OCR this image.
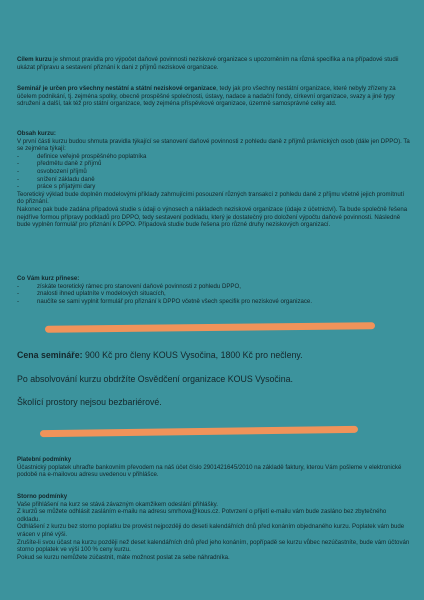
Cílem kurzu je shrnout pravidla pro výpočet daňové povinnosti neziskové organizace s upozorněním na různá specifika a na případové studii ukázat přípravu a sestavení přiznání k dani z příjmů neziskové organizace.

Seminář je určen pro všechny nestátní a státní neziskové organizace, tedy jak pro všechny nestátní organizace, které nebyly zřízeny za účelem podnikání, tj. zejména spolky, obecně prospěšné společnosti, ústavy, nadace a nadační fondy, církevní organizace, svazy a jiné typy sdružení a další, tak též pro státní organizace, tedy zejména příspěvkové organizace, územně samosprávné celky atd.

Obsah kurzu:

V první části kurzu budou shrnuta pravidla týkající se stanovení daňové povinnosti z pohledu daně z příjmů právnických osob (dále jen DPPO). Ta se zejména týkají:

- definice veřejně prospěšného poplatníka
- předmětu daně z příjmů
- osvobození příjmů
- snížení základu daně
- práce s příjatými dary

Teoretický výklad bude doplněn modelovými příklady zahrnujícími posouzení různých transakcí z pohledu daně z příjmu včetně jejich promítnutí do přiznání.

Nakonec pak bude zadána případová studie s údaji o výnosech a nákladech neziskové organizace (údaje z účetnictví). Ta bude společně řešena nejdříve formou přípravy podkladů pro DPPO, tedy sestavení podkladu, který je dostatečný pro doložení výpočtu daňové povinnosti. Následně bude vyplněn formulář pro přiznání k DPPO. Případová studie bude řešena pro různé druhy neziskových organizací.

Co Vám kurz přinese:

- získáte teoretický rámec pro stanovení daňové povinnosti z pohledu DPPO,
- znalosti ihned uplatníte v modelových situacích,
- naučíte se sami vyplnit formulář pro přiznání k DPPO včetně všech specifik pro neziskové organizace.

Cena semináře: 900 Kč pro členy KOUS Vysočina, 1800 Kč pro nečleny.

Po absolvování kurzu obdržíte Osvědčení organizace KOUS Vysočina.

Školící prostory nejsou bezbariérové.

Platební podmínky

Účastnický poplatek uhraďte bankovním převodem na náš účet číslo 2901421645/2010 na základě faktury, kterou Vám pošleme v elektronické podobě na e-mailovou adresu uvedenou v přihlášce.

Storno podmínky

Vaše přihlášení na kurz se stává závazným okamžikem odeslání přihlášky.

Z kurzů se můžete odhlásit zasláním e-mailu na adresu smrhova@kous.cz. Potvrzení o přijetí e-mailu vám bude zasláno bez zbytečného odkladu.

Odhlášení z kurzu bez storno poplatku lze provést nejpozději do deseti kalendářních dnů před konáním objednaného kurzu. Poplatek vám bude vrácen v plné výši.

Zrušíte-li svou účast na kurzu později než deset kalendářních dnů před jeho konáním, popřípadě se kurzu vůbec nezúčastníte, bude vám účtován storno poplatek ve výši 100 % ceny kurzu.

Pokud se kurzu nemůžete zúčastnit, máte možnost poslat za sebe náhradníka.
